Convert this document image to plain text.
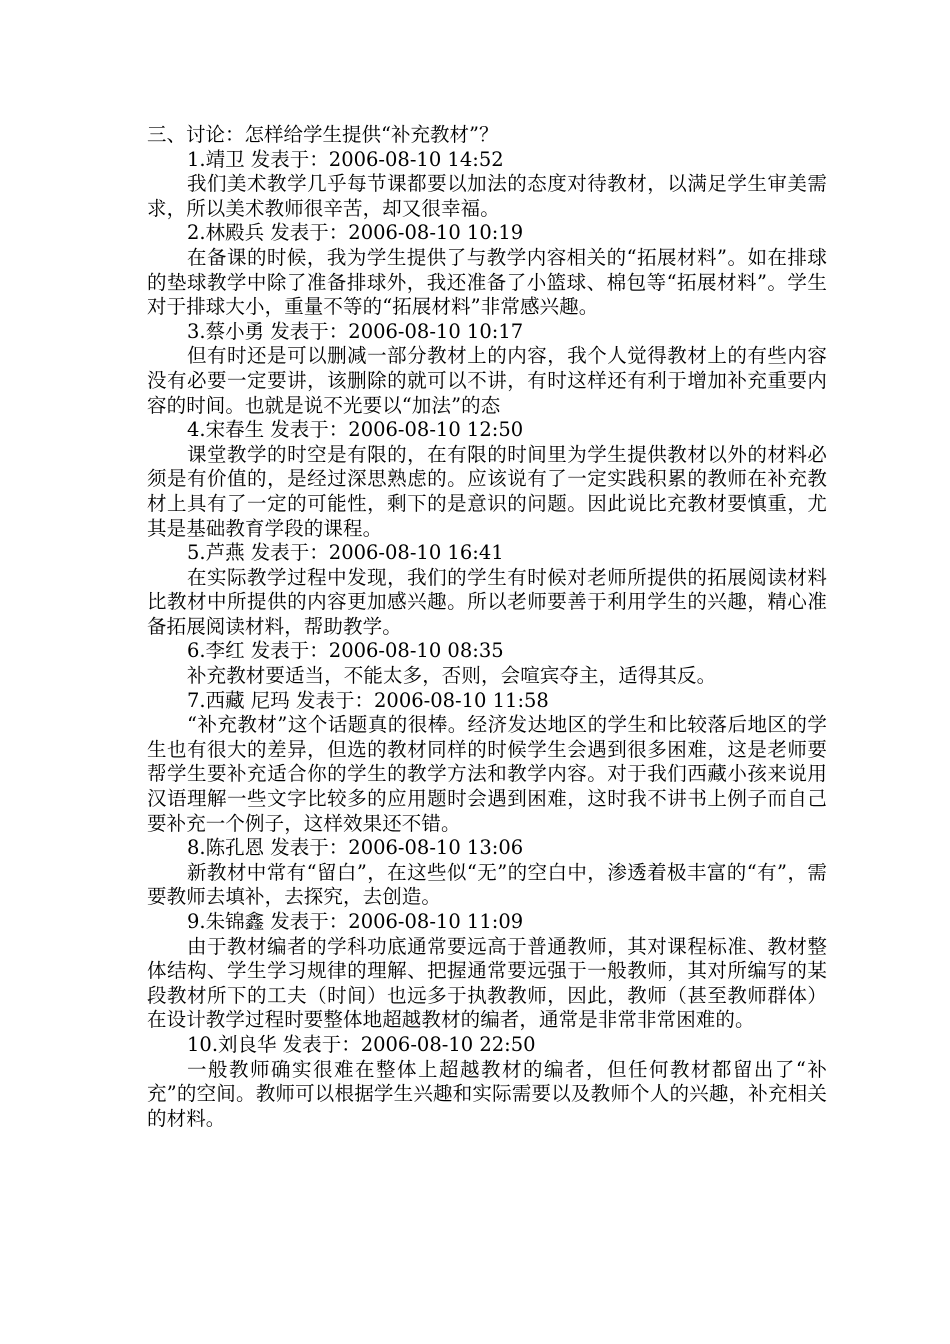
三、讨论：怎样给学生提供“补充教材”？

1.靖卫 发表于：2006-08-10 14:52

我们美术教学几乎每节课都要以加法的态度对待教材，以满足学生审美需求，所以美术教师很辛苦，却又很幸福。

2.林殿兵 发表于：2006-08-10 10:19

在备课的时候，我为学生提供了与教学内容相关的“拓展材料”。如在排球的垫球教学中除了准备排球外，我还准备了小篮球、棉包等“拓展材料”。学生对于排球大小，重量不等的“拓展材料”非常感兴趣。

3.蔡小勇 发表于：2006-08-10 10:17

但有时还是可以删减一部分教材上的内容，我个人觉得教材上的有些内容没有必要一定要讲，该删除的就可以不讲，有时这样还有利于增加补充重要内容的时间。也就是说不光要以“加法”的态

4.宋春生 发表于：2006-08-10 12:50

课堂教学的时空是有限的，在有限的时间里为学生提供教材以外的材料必须是有价值的，是经过深思熟虑的。应该说有了一定实践积累的教师在补充教材上具有了一定的可能性，剩下的是意识的问题。因此说比充教材要慎重，尤其是基础教育学段的课程。

5.芦燕 发表于：2006-08-10 16:41

在实际教学过程中发现，我们的学生有时候对老师所提供的拓展阅读材料比教材中所提供的内容更加感兴趣。所以老师要善于利用学生的兴趣，精心准备拓展阅读材料，帮助教学。

6.李红 发表于：2006-08-10 08:35

补充教材要适当，不能太多，否则，会喧宾夺主，适得其反。

7.西藏 尼玛 发表于：2006-08-10 11:58

“补充教材”这个话题真的很棒。经济发达地区的学生和比较落后地区的学生也有很大的差异，但选的教材同样的时候学生会遇到很多困难，这是老师要帮学生要补充适合你的学生的教学方法和教学内容。对于我们西藏小孩来说用汉语理解一些文字比较多的应用题时会遇到困难，这时我不讲书上例子而自己要补充一个例子，这样效果还不错。

8.陈孔恩 发表于：2006-08-10 13:06

新教材中常有“留白”，在这些似“无”的空白中，渗透着极丰富的“有”，需要教师去填补，去探究，去创造。

9.朱锦鑫 发表于：2006-08-10 11:09

由于教材编者的学科功底通常要远高于普通教师，其对课程标准、教材整体结构、学生学习规律的理解、把握通常要远强于一般教师，其对所编写的某段教材所下的工夫（时间）也远多于执教教师，因此，教师（甚至教师群体）在设计教学过程时要整体地超越教材的编者，通常是非常非常困难的。

10.刘良华 发表于：2006-08-10 22:50

一般教师确实很难在整体上超越教材的编者，但任何教材都留出了“补充”的空间。教师可以根据学生兴趣和实际需要以及教师个人的兴趣，补充相关的材料。
